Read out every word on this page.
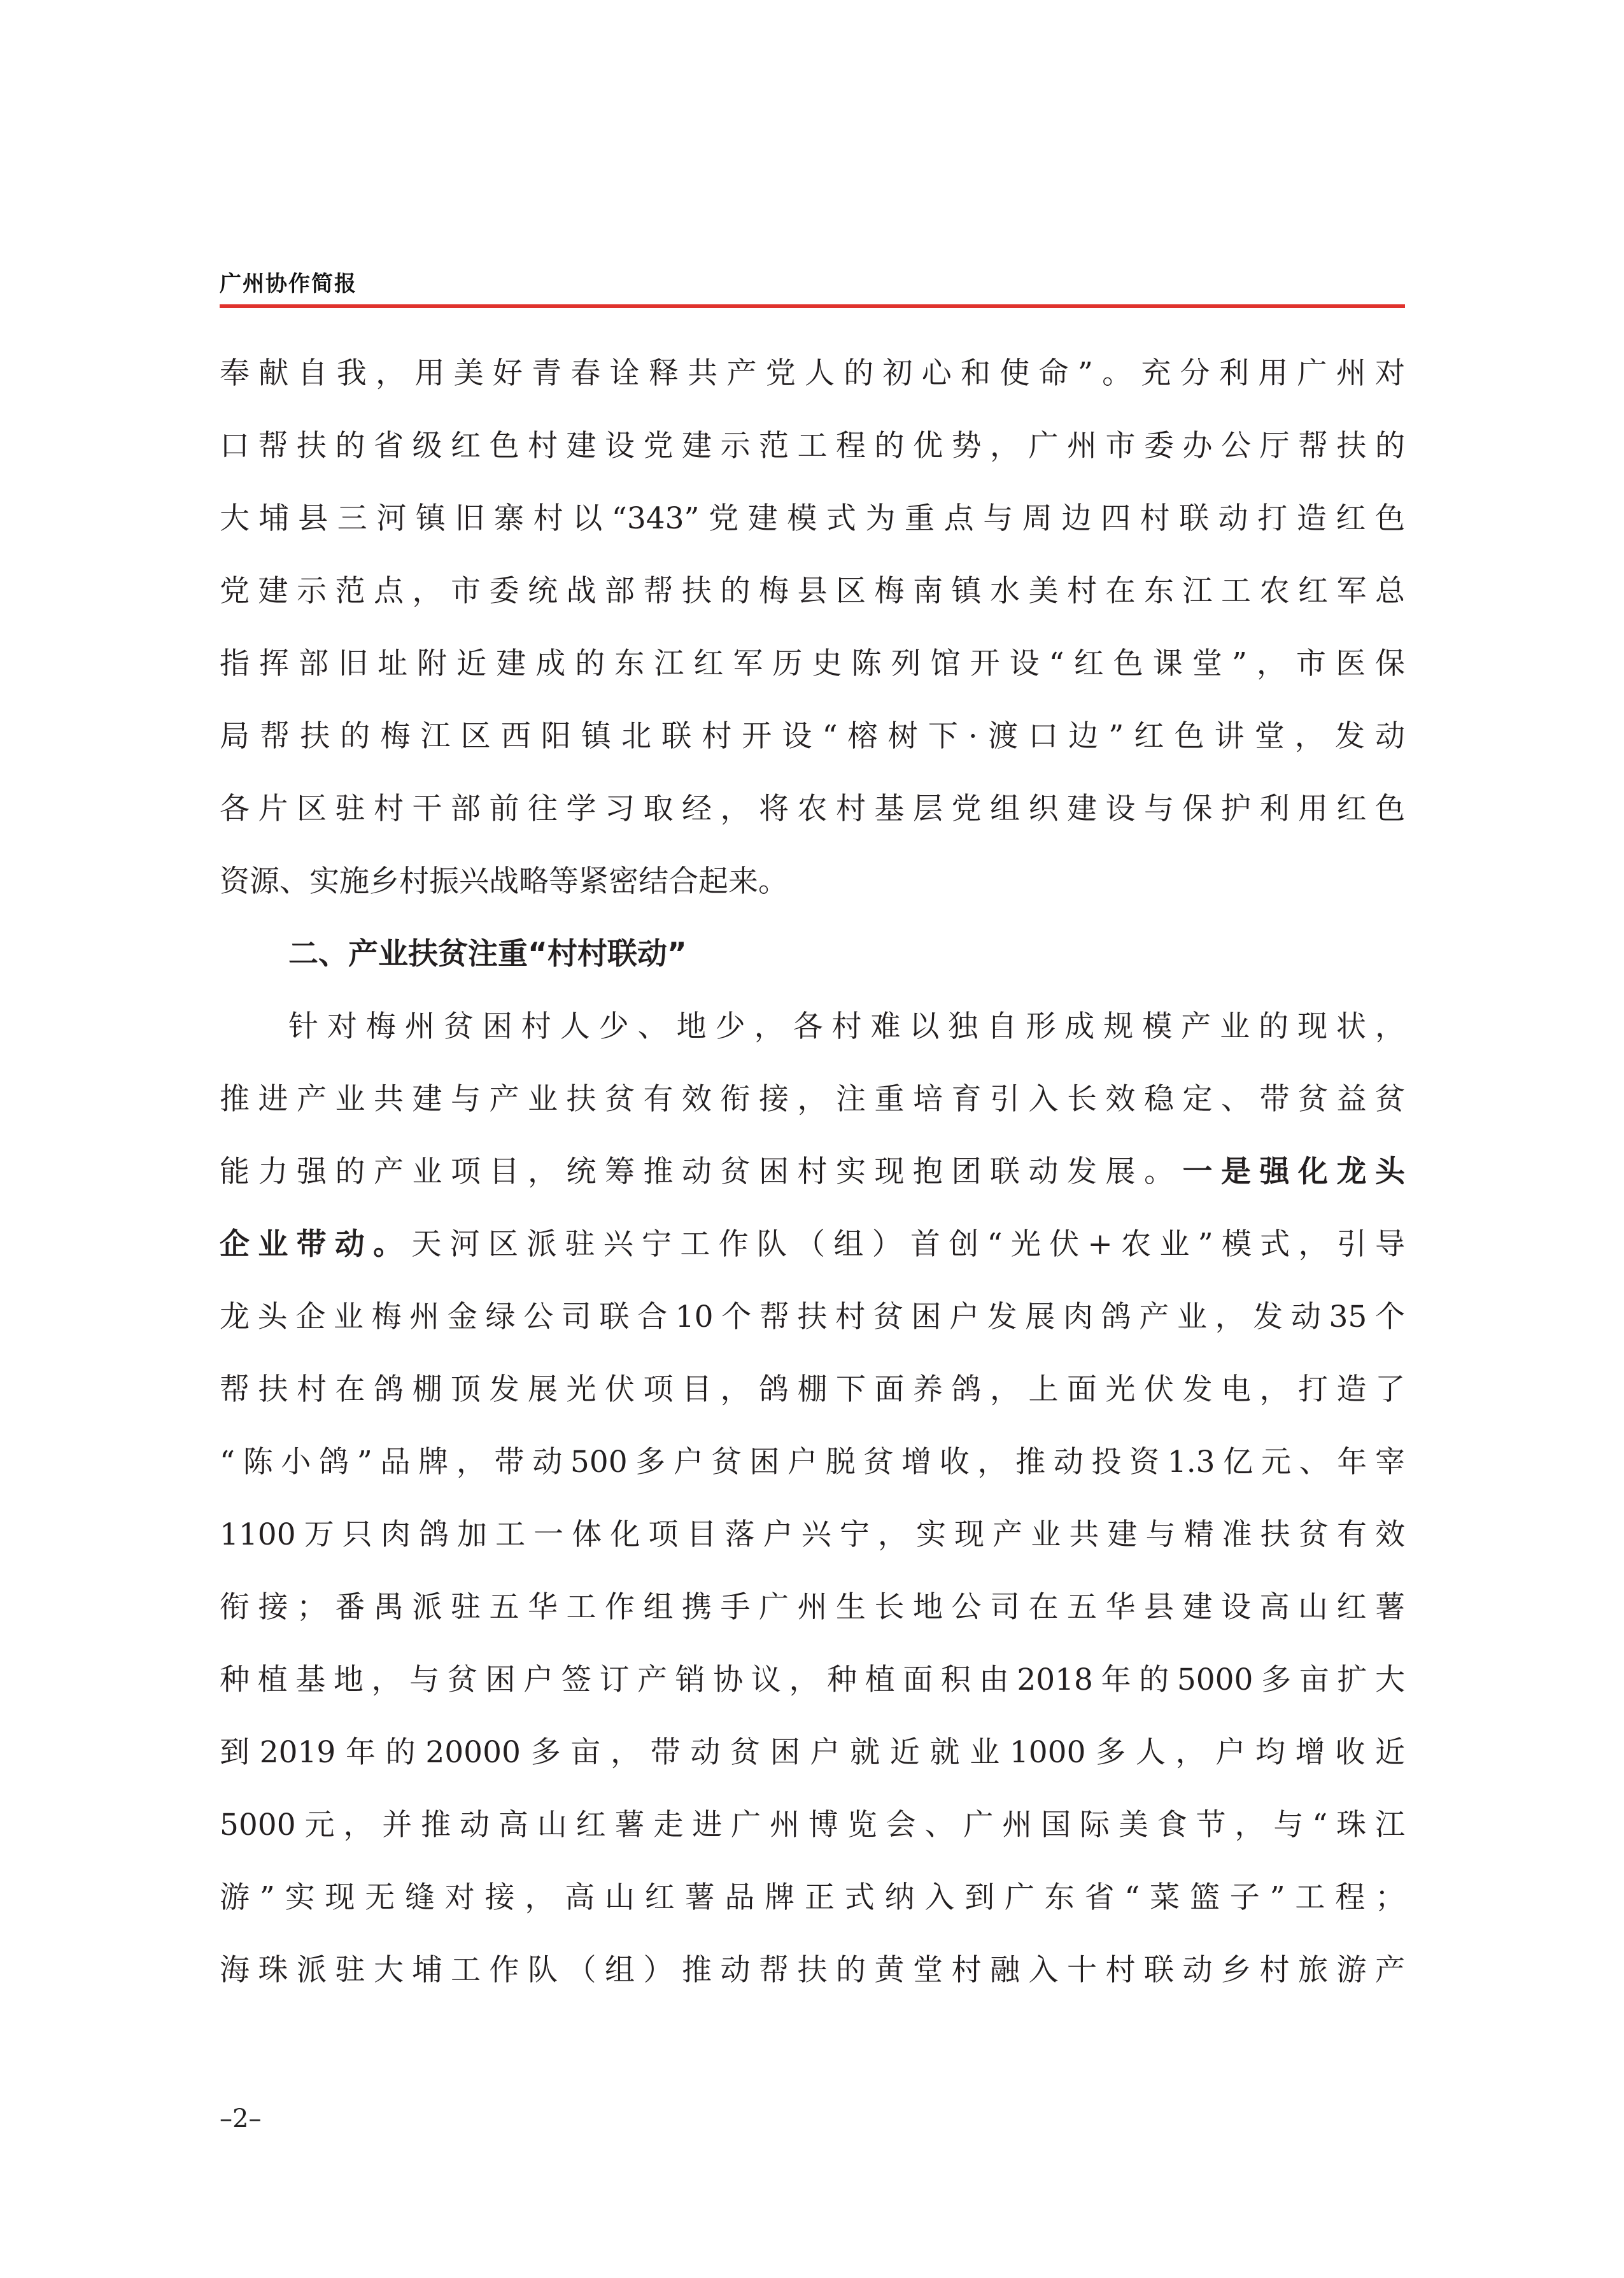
广州协作简报
奉献自我，用美好青春诠释共产党人的初心和使命”。充分利用广州对
口帮扶的省级红色村建设党建示范工程的优势，广州市委办公厅帮扶的
大埔县三河镇旧寨村以“343”党建模式为重点与周边四村联动打造红色
党建示范点，市委统战部帮扶的梅县区梅南镇水美村在东江工农红军总
指挥部旧址附近建成的东江红军历史陈列馆开设“红色课堂”，市医保
局帮扶的梅江区西阳镇北联村开设“榕树下·渡口边”红色讲堂，发动
各片区驻村干部前往学习取经，将农村基层党组织建设与保护利用红色
资源、实施乡村振兴战略等紧密结合起来。
二、产业扶贫注重“村村联动”
针对梅州贫困村人少、地少，各村难以独自形成规模产业的现状，
推进产业共建与产业扶贫有效衔接，注重培育引入长效稳定、带贫益贫
能力强的产业项目，统筹推动贫困村实现抱团联动发展。一是强化龙头
企业带动。天河区派驻兴宁工作队（组）首创“光伏+农业”模式，引导
龙头企业梅州金绿公司联合10个帮扶村贫困户发展肉鸽产业，发动35个
帮扶村在鸽棚顶发展光伏项目，鸽棚下面养鸽，上面光伏发电，打造了
“陈小鸽”品牌，带动500多户贫困户脱贫增收，推动投资1.3亿元、年宰
1100万只肉鸽加工一体化项目落户兴宁，实现产业共建与精准扶贫有效
衔接；番禺派驻五华工作组携手广州生长地公司在五华县建设高山红薯
种植基地，与贫困户签订产销协议，种植面积由2018年的5000多亩扩大
到2019年的20000多亩，带动贫困户就近就业1000多人，户均增收近
5000元，并推动高山红薯走进广州博览会、广州国际美食节，与“珠江
游”实现无缝对接，高山红薯品牌正式纳入到广东省“菜篮子”工程；
海珠派驻大埔工作队（组）推动帮扶的黄堂村融入十村联动乡村旅游产
–2–
